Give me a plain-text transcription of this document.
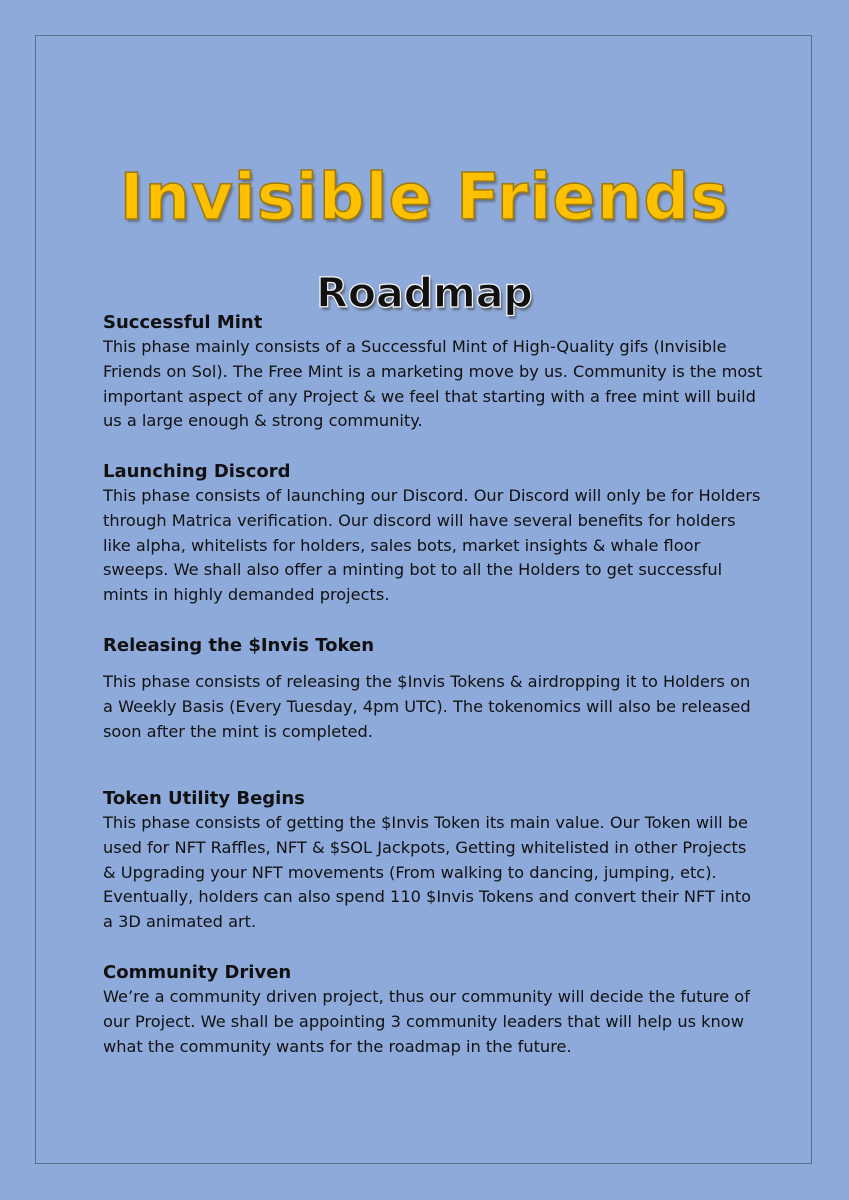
Invisible Friends
Roadmap
Successful Mint

This phase mainly consists of a Successful Mint of High-Quality gifs (Invisible Friends on Sol). The Free Mint is a marketing move by us. Community is the most important aspect of any Project & we feel that starting with a free mint will build us a large enough & strong community.

Launching Discord

This phase consists of launching our Discord. Our Discord will only be for Holders through Matrica verification. Our discord will have several benefits for holders like alpha, whitelists for holders, sales bots, market insights & whale floor sweeps. We shall also offer a minting bot to all the Holders to get successful mints in highly demanded projects.

Releasing the $Invis Token

This phase consists of releasing the $Invis Tokens & airdropping it to Holders on a Weekly Basis (Every Tuesday, 4pm UTC). The tokenomics will also be released soon after the mint is completed.

Token Utility Begins

This phase consists of getting the $Invis Token its main value. Our Token will be used for NFT Raffles, NFT & $SOL Jackpots, Getting whitelisted in other Projects & Upgrading your NFT movements (From walking to dancing, jumping, etc). Eventually, holders can also spend 110 $Invis Tokens and convert their NFT into a 3D animated art.

Community Driven

We’re a community driven project, thus our community will decide the future of our Project. We shall be appointing 3 community leaders that will help us know what the community wants for the roadmap in the future.
